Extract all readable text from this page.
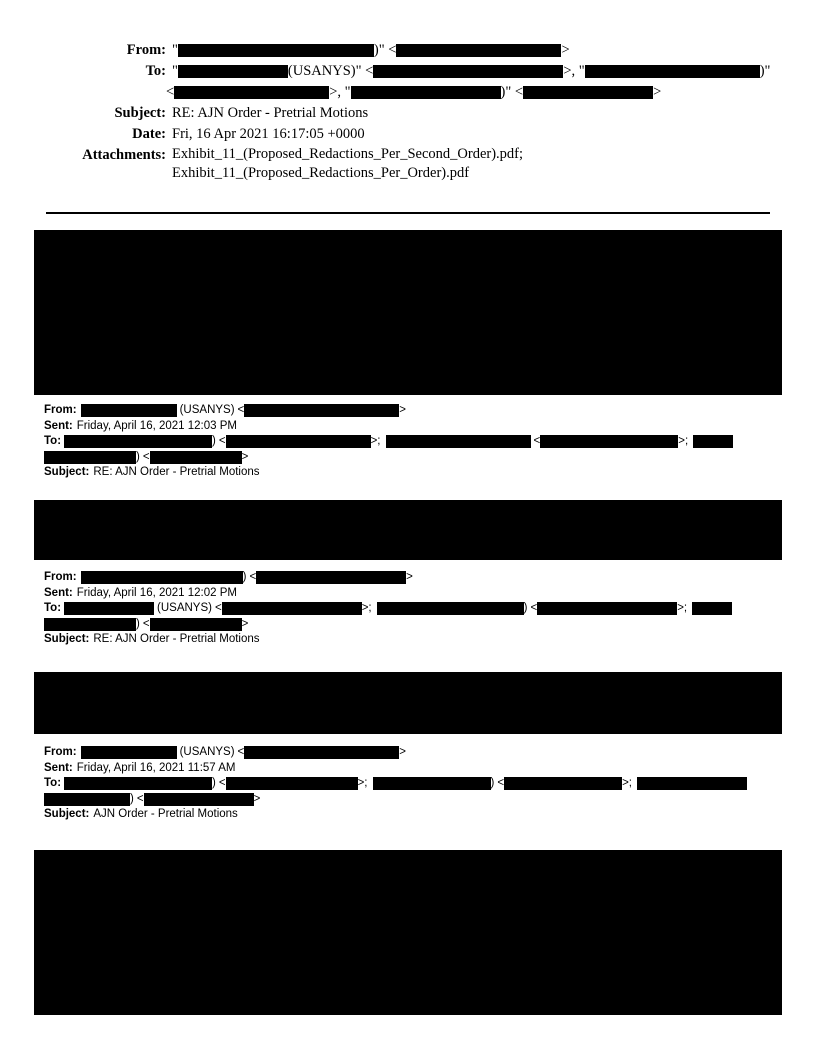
From: "	)" <	>
To: "	(USANYS)" <	>, "	)"
<	>, "	)" <	>
Subject: RE: AJN Order - Pretrial Motions
Date: Fri, 16 Apr 2021 16:17:05 +0000
Attachments: Exhibit_11_(Proposed_Redactions_Per_Second_Order).pdf;
Exhibit_11_(Proposed_Redactions_Per_Order).pdf
From:	(USANYS) <	>
Sent: Friday, April 16, 2021 12:03 PM
To:	) <	>;	<	>;
) <	>
Subject: RE: AJN Order - Pretrial Motions
From:	) <	>
Sent: Friday, April 16, 2021 12:02 PM
To:	(USANYS) <	>;	) <	>;
) <	>
Subject: RE: AJN Order - Pretrial Motions
From:	(USANYS) <	>
Sent: Friday, April 16, 2021 11:57 AM
To:	) <	>;	) <	>;
) <	>
Subject: AJN Order - Pretrial Motions
